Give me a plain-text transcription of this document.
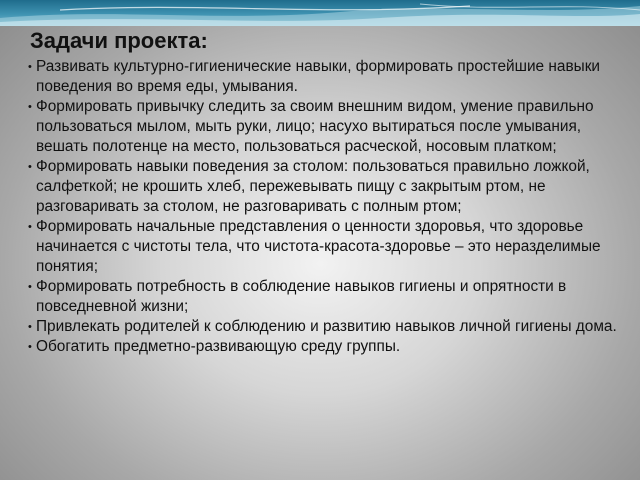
Задачи проекта:

• Развивать культурно-гигиенические навыки, формировать простейшие навыки поведения во время еды, умывания.

• Формировать привычку следить за своим внешним видом, умение правильно пользоваться мылом, мыть руки, лицо; насухо вытираться после умывания, вешать полотенце на место, пользоваться расческой, носовым платком;

• Формировать навыки поведения за столом: пользоваться правильно ложкой, салфеткой; не крошить хлеб, пережевывать пищу с закрытым ртом, не разговаривать за столом, не разговаривать с полным ртом;

• Формировать начальные представления о ценности здоровья, что здоровье начинается с чистоты тела, что чистота-красота-здоровье – это неразделимые понятия;

• Формировать потребность в соблюдение навыков гигиены и опрятности в повседневной жизни;

• Привлекать родителей к соблюдению и развитию навыков личной гигиены дома.

• Обогатить предметно-развивающую среду группы.
